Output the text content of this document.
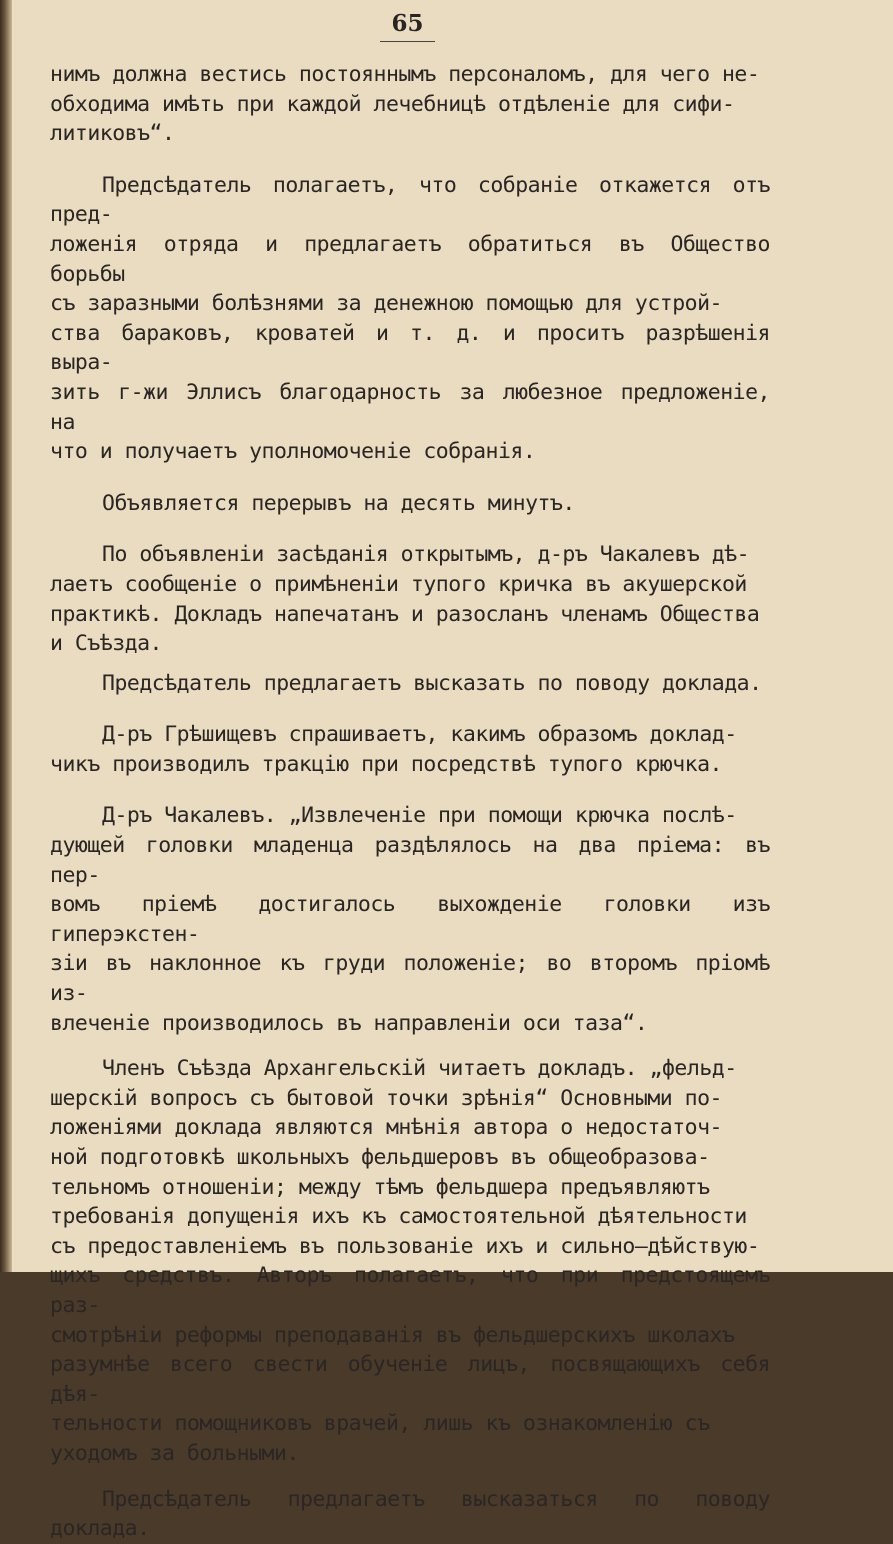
65

нимъ должна вестись постояннымъ персоналомъ, для чего не-
обходима имѣть при каждой лечебницѣ отдѣленіе для сифи-
литиковъ“.

Предсѣдатель полагаетъ, что собраніе откажется отъ пред-
ложенія отряда и предлагаетъ обратиться въ Общество борьбы
съ заразными болѣзнями за денежною помощью для устрой-
ства бараковъ, кроватей и т. д. и проситъ разрѣшенія выра-
зить г-жи Эллисъ благодарность за любезное предложеніе, на
что и получаетъ уполномоченіе собранія.

Объявляется перерывъ на десять минутъ.

По объявленіи засѣданія открытымъ, д-ръ Чакалевъ дѣ-
лаетъ сообщеніе о примѣненіи тупого кричка въ акушерской
практикѣ. Докладъ напечатанъ и разосланъ членамъ Общества
и Съѣзда.

Предсѣдатель предлагаетъ высказать по поводу доклада.

Д-ръ Грѣшищевъ спрашиваетъ, какимъ образомъ доклад-
чикъ производилъ тракцію при посредствѣ тупого крючка.

Д-ръ Чакалевъ. „Извлеченіе при помощи крючка послѣ-
дующей головки младенца раздѣлялось на два пріема: въ пер-
вомъ пріемѣ достигалось выхожденіе головки изъ гиперэкстен-
зіи въ наклонное къ груди положеніе; во второмъ пріомѣ из-
влеченіе производилось въ направленіи оси таза“.

Членъ Съѣзда Архангельскій читаетъ докладъ. „фельд-
шерскій вопросъ съ бытовой точки зрѣнія“ Основными по-
ложеніями доклада являются мнѣнія автора о недостаточ-
ной подготовкѣ школьныхъ фельдшеровъ въ общеобразова-
тельномъ отношеніи; между тѣмъ фельдшера предъявляютъ
требованія допущенія ихъ къ самостоятельной дѣятельности
съ предоставленіемъ въ пользованіе ихъ и сильно—дѣйствую-
щихъ средствъ. Авторъ полагаетъ, что при предстоящемъ раз-
смотрѣніи реформы преподаванія въ фельдшерскихъ школахъ
разумнѣе всего свести обученіе лицъ, посвящающихъ себя дѣя-
тельности помощниковъ врачей, лишь къ ознакомленію съ
уходомъ за больными.

Предсѣдатель предлагаетъ высказаться по поводу доклада.
